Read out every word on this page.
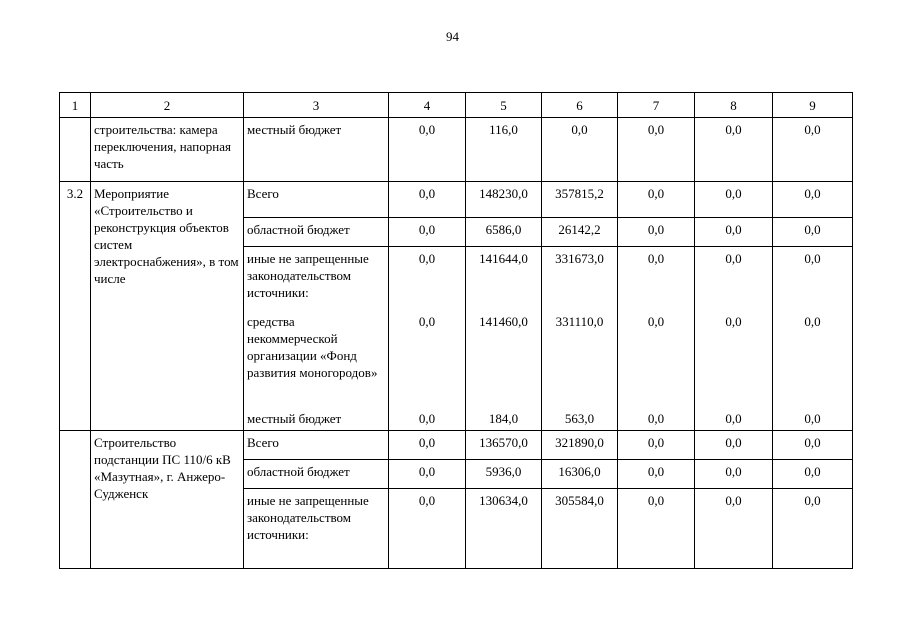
94
1	2	3	4	5	6	7	8	9
	строительства: камера переключения, напорная часть	местный бюджет	0,0	116,0	0,0	0,0	0,0	0,0
3.2	Мероприятие «Строительство и реконструкция объектов систем электроснабжения», в том числе	Всего	0,0	148230,0	357815,2	0,0	0,0	0,0
		областной бюджет	0,0	6586,0	26142,2	0,0	0,0	0,0
		иные не запрещенные законодательством источники:	0,0	141644,0	331673,0	0,0	0,0	0,0
		средства некоммерческой организации «Фонд развития моногородов»	0,0	141460,0	331110,0	0,0	0,0	0,0
		местный бюджет	0,0	184,0	563,0	0,0	0,0	0,0
	Строительство подстанции ПС 110/6 кВ «Мазутная», г. Анжеро-Судженск	Всего	0,0	136570,0	321890,0	0,0	0,0	0,0
		областной бюджет	0,0	5936,0	16306,0	0,0	0,0	0,0
		иные не запрещенные законодательством источники:	0,0	130634,0	305584,0	0,0	0,0	0,0
